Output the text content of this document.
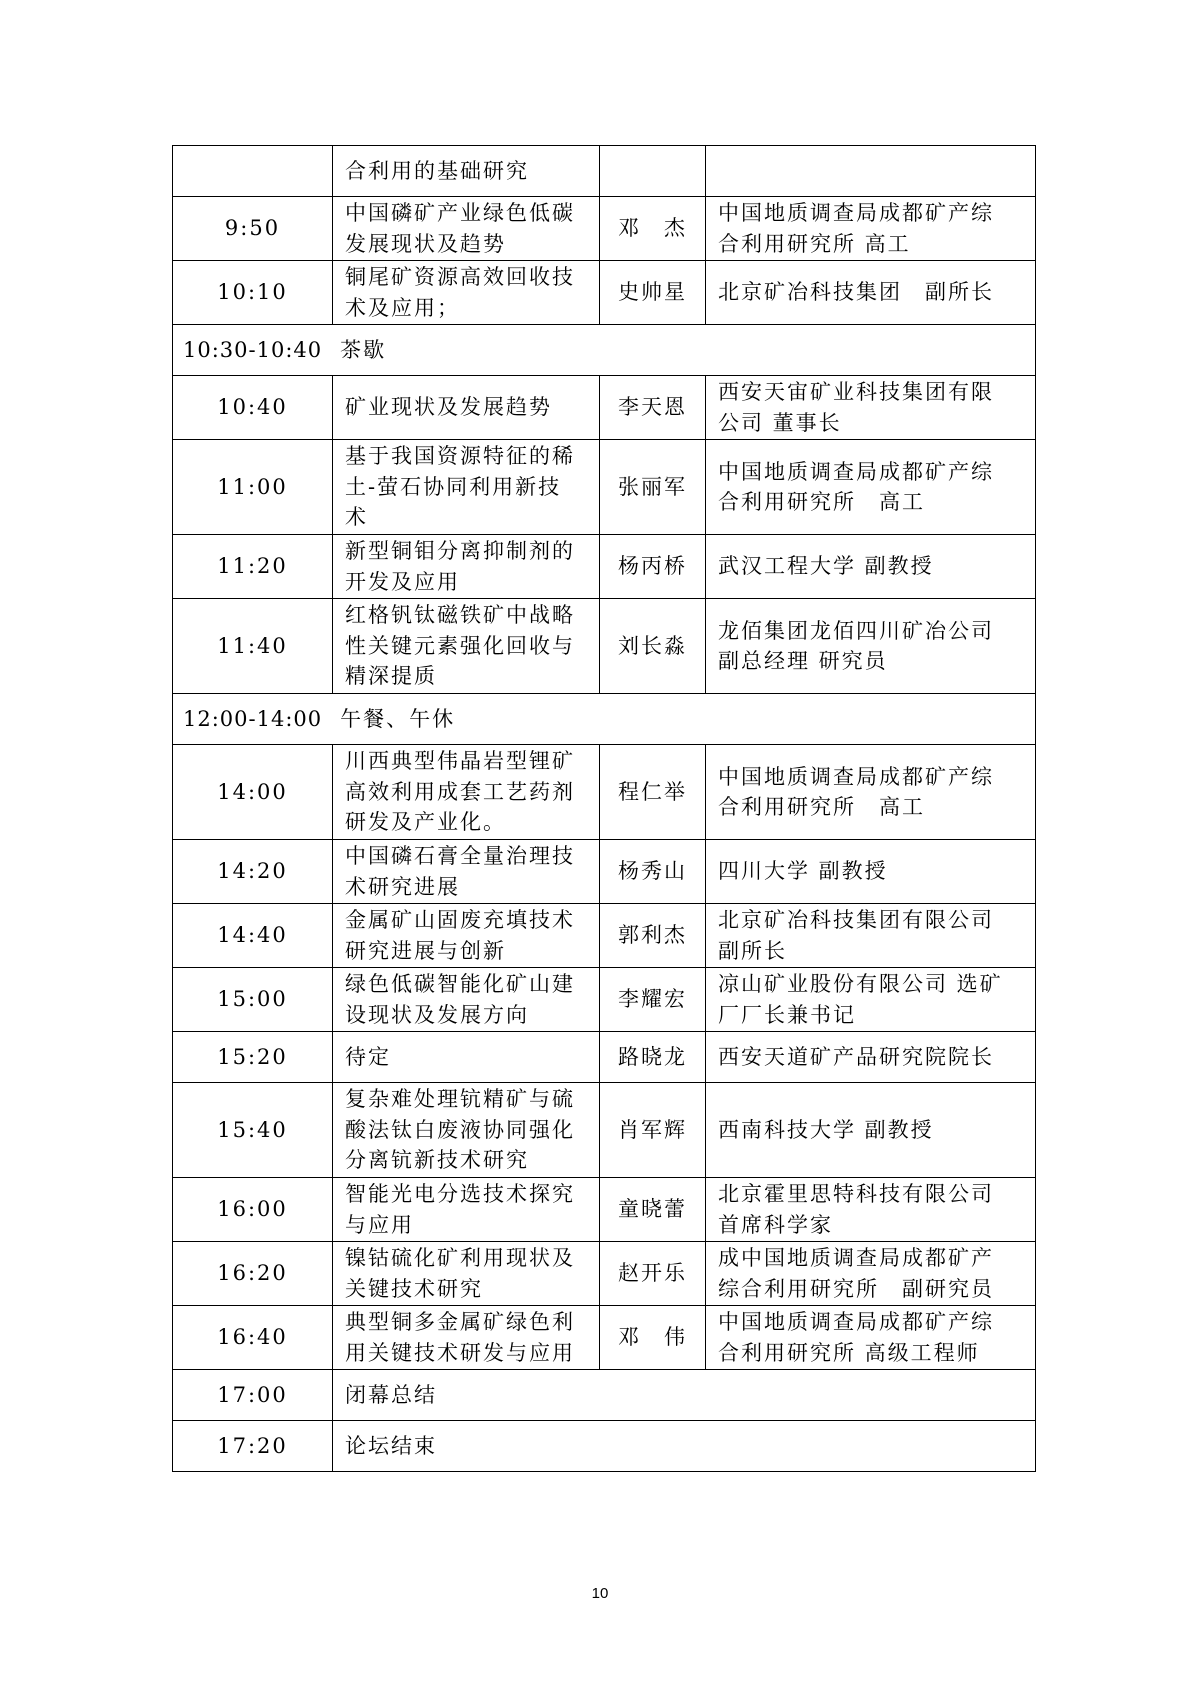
	合利用的基础研究		
9:50	中国磷矿产业绿色低碳
发展现状及趋势	邓　杰	中国地质调查局成都矿产综
合利用研究所 高工
10:10	铜尾矿资源高效回收技
术及应用；	史帅星	北京矿冶科技集团　副所长
10:30-10:40 茶歇			
10:40	矿业现状及发展趋势	李天恩	西安天宙矿业科技集团有限
公司 董事长
11:00	基于我国资源特征的稀
土-萤石协同利用新技
术	张丽军	中国地质调查局成都矿产综
合利用研究所　高工
11:20	新型铜钼分离抑制剂的
开发及应用	杨丙桥	武汉工程大学 副教授
11:40	红格钒钛磁铁矿中战略
性关键元素强化回收与
精深提质	刘长淼	龙佰集团龙佰四川矿冶公司
副总经理 研究员
12:00-14:00 午餐、午休			
14:00	川西典型伟晶岩型锂矿
高效利用成套工艺药剂
研发及产业化。	程仁举	中国地质调查局成都矿产综
合利用研究所　高工
14:20	中国磷石膏全量治理技
术研究进展	杨秀山	四川大学 副教授
14:40	金属矿山固废充填技术
研究进展与创新	郭利杰	北京矿冶科技集团有限公司
副所长
15:00	绿色低碳智能化矿山建
设现状及发展方向	李耀宏	凉山矿业股份有限公司 选矿
厂厂长兼书记
15:20	待定	路晓龙	西安天道矿产品研究院院长
15:40	复杂难处理钪精矿与硫
酸法钛白废液协同强化
分离钪新技术研究	肖军辉	西南科技大学 副教授
16:00	智能光电分选技术探究
与应用	童晓蕾	北京霍里思特科技有限公司
首席科学家
16:20	镍钴硫化矿利用现状及
关键技术研究	赵开乐	成中国地质调查局成都矿产
综合利用研究所　副研究员
16:40	典型铜多金属矿绿色利
用关键技术研发与应用	邓　伟	中国地质调查局成都矿产综
合利用研究所 高级工程师
17:00	闭幕总结		
17:20	论坛结束		
10
